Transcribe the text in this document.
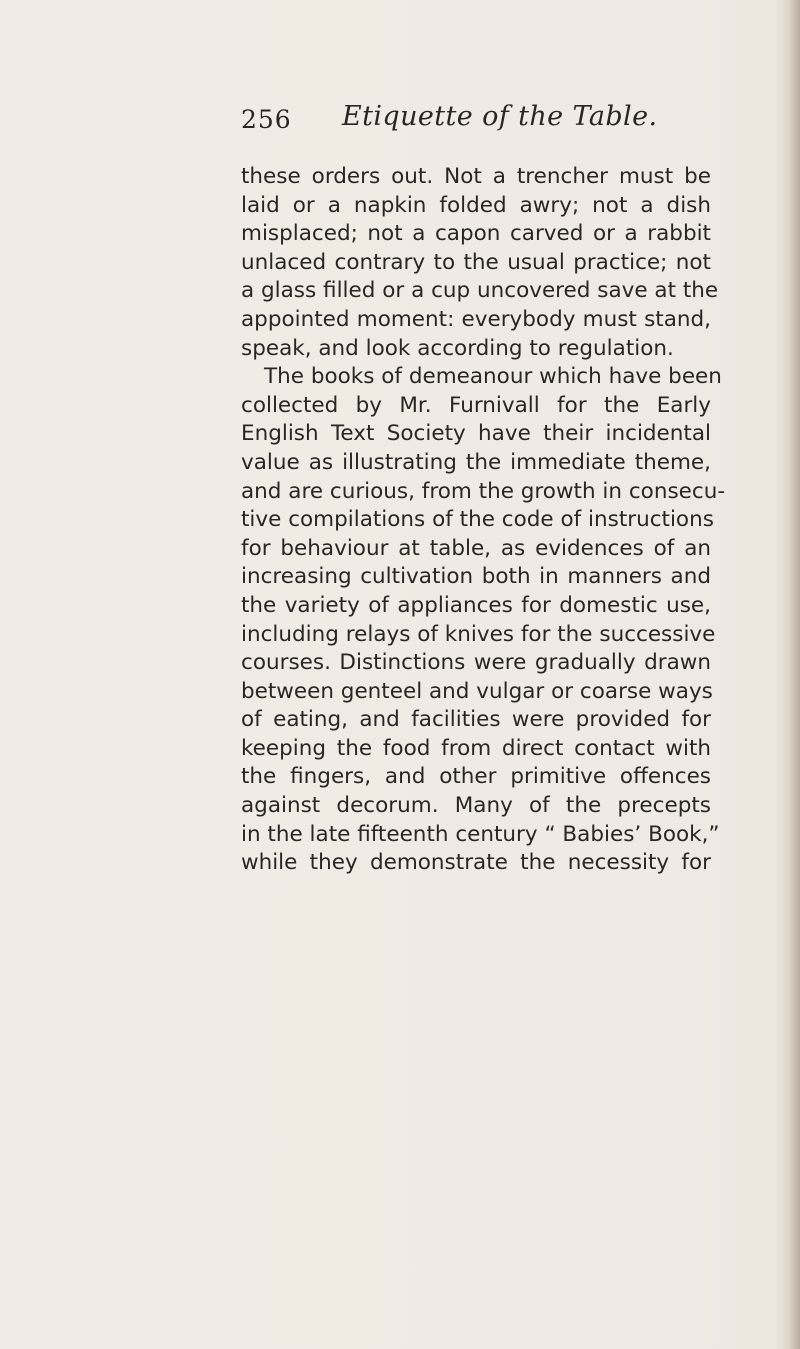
256 Etiquette of the Table.
these orders out. Not a trencher must be
laid or a napkin folded awry; not a dish
misplaced; not a capon carved or a rabbit
unlaced contrary to the usual practice; not
a glass filled or a cup uncovered save at the
appointed moment: everybody must stand,
speak, and look according to regulation.
The books of demeanour which have been
collected by Mr. Furnivall for the Early
English Text Society have their incidental
value as illustrating the immediate theme,
and are curious, from the growth in consecu-
tive compilations of the code of instructions
for behaviour at table, as evidences of an
increasing cultivation both in manners and
the variety of appliances for domestic use,
including relays of knives for the successive
courses. Distinctions were gradually drawn
between genteel and vulgar or coarse ways
of eating, and facilities were provided for
keeping the food from direct contact with
the fingers, and other primitive offences
against decorum. Many of the precepts
in the late fifteenth century “ Babies’ Book,”
while they demonstrate the necessity for
